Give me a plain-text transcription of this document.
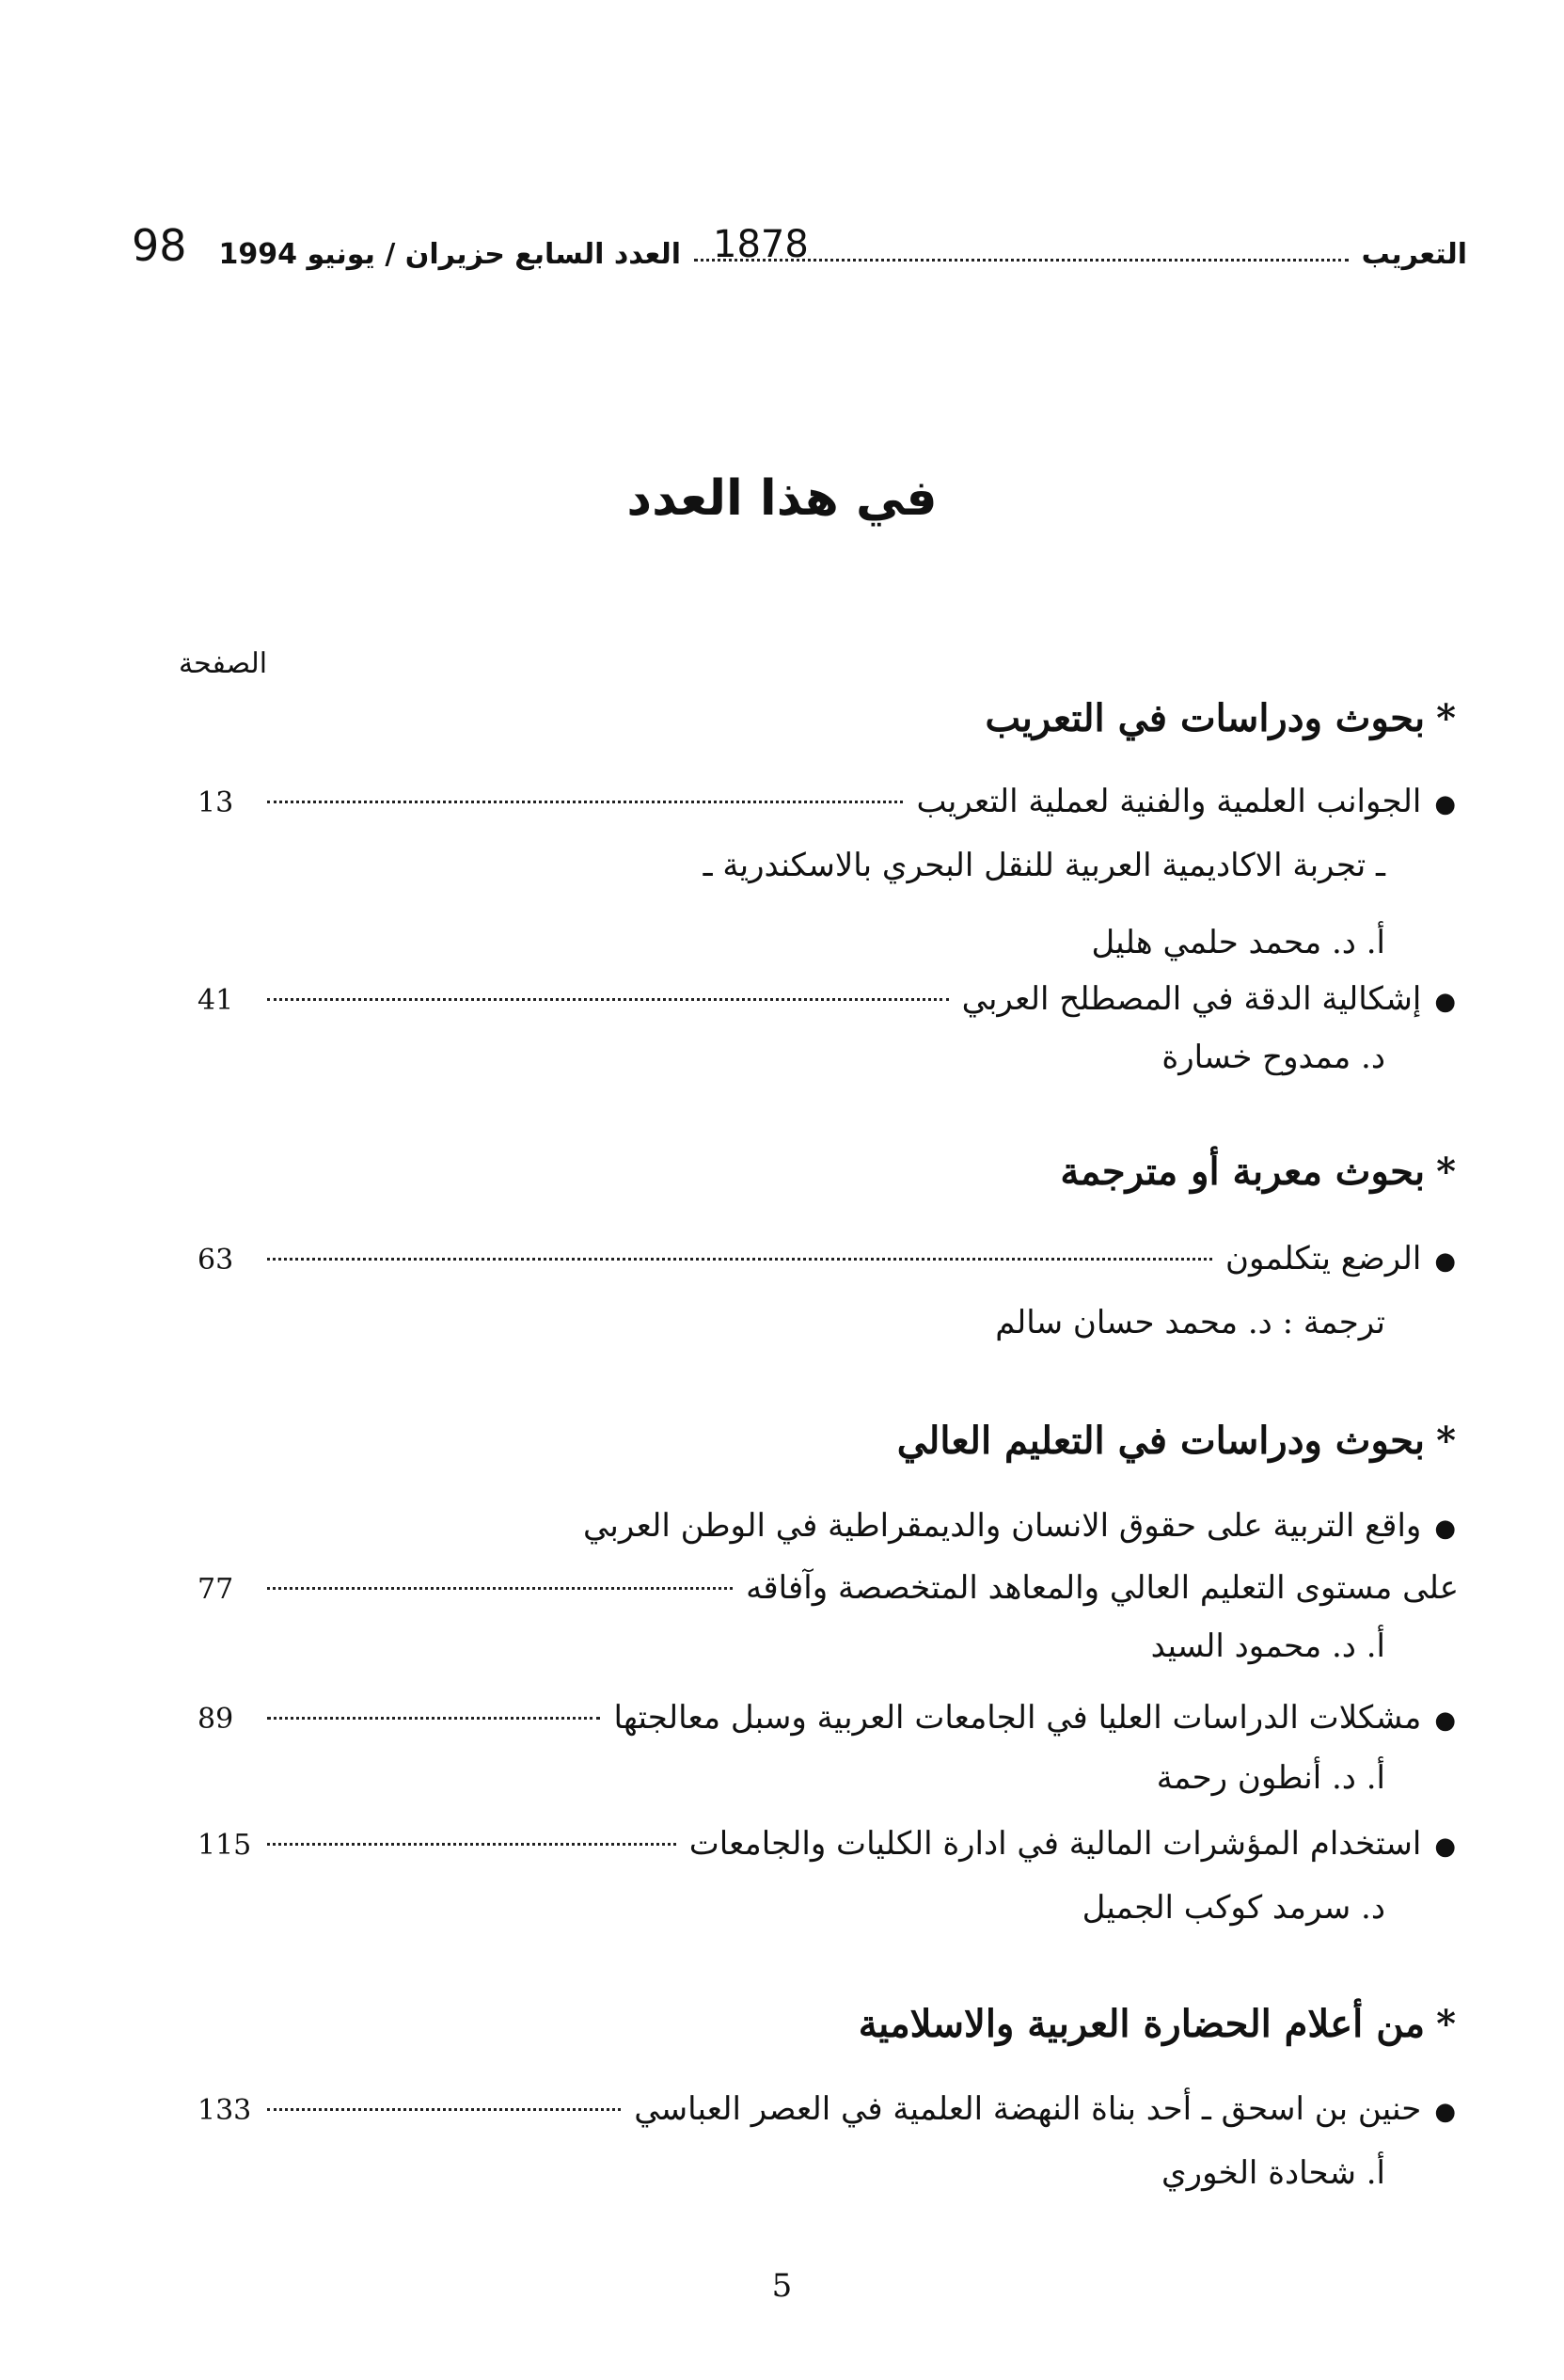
التعريب
1878
العدد السابع حزيران / يونيو 1994
98
في هذا العدد
الصفحة
*بحوث ودراسات في التعريب
●
الجوانب العلمية والفنية لعملية التعريب
13
ـ تجربة الاكاديمية العربية للنقل البحري بالاسكندرية ـ
أ. د. محمد حلمي هليل
●
إشكالية الدقة في المصطلح العربي
41
د. ممدوح خسارة
*بحوث معربة أو مترجمة
●
الرضع يتكلمون
63
ترجمة : د. محمد حسان سالم
*بحوث ودراسات في التعليم العالي
●واقع التربية على حقوق الانسان والديمقراطية في الوطن العربي
على مستوى التعليم العالي والمعاهد المتخصصة وآفاقه
77
أ. د. محمود السيد
●
مشكلات الدراسات العليا في الجامعات العربية وسبل معالجتها
89
أ. د. أنطون رحمة
●
استخدام المؤشرات المالية في ادارة الكليات والجامعات
115
د. سرمد كوكب الجميل
*من أعلام الحضارة العربية والاسلامية
●
حنين بن اسحق ـ أحد بناة النهضة العلمية في العصر العباسي
133
أ. شحادة الخوري
5
